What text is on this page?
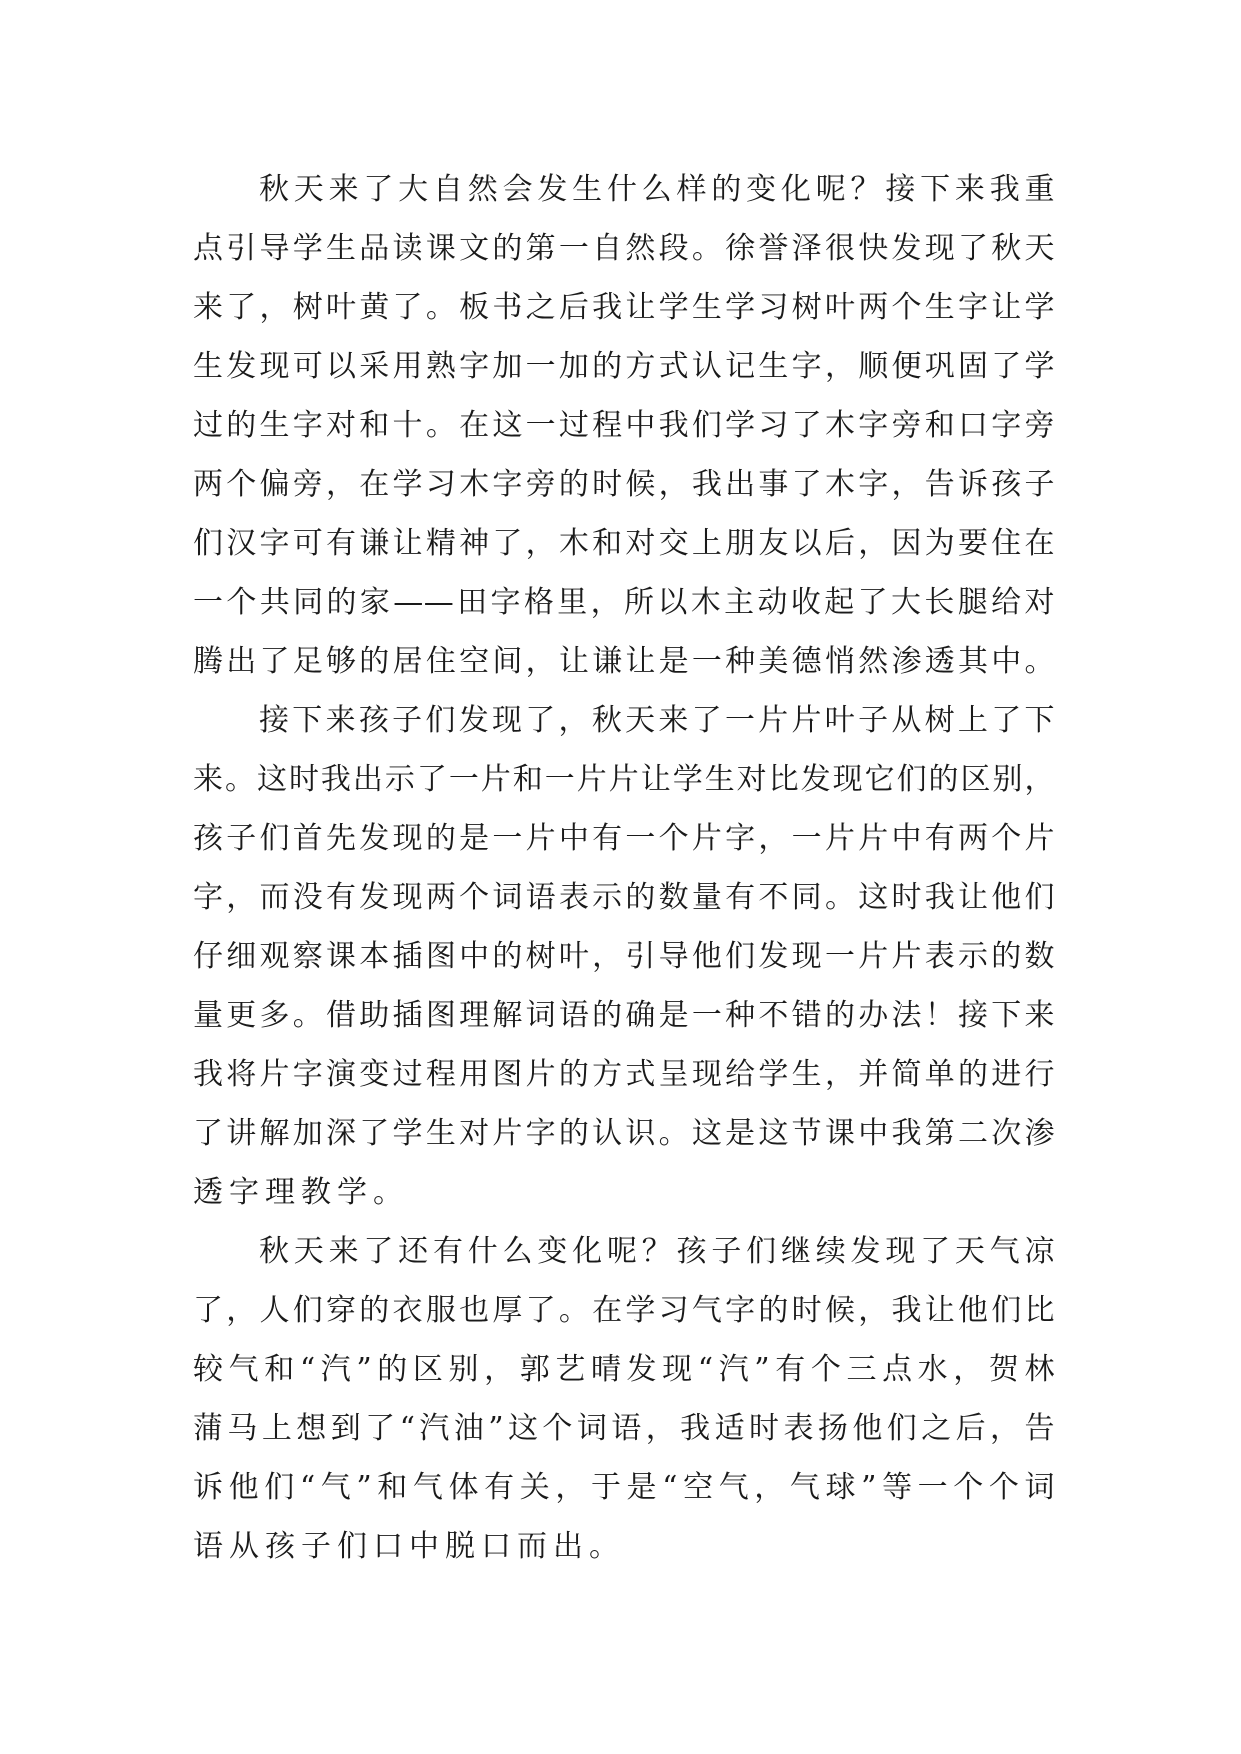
秋天来了大自然会发生什么样的变化呢？接下来我重
点引导学生品读课文的第一自然段。徐誉泽很快发现了秋天
来了，树叶黄了。板书之后我让学生学习树叶两个生字让学
生发现可以采用熟字加一加的方式认记生字，顺便巩固了学
过的生字对和十。在这一过程中我们学习了木字旁和口字旁
两个偏旁，在学习木字旁的时候，我出事了木字，告诉孩子
们汉字可有谦让精神了，木和对交上朋友以后，因为要住在
一个共同的家——田字格里，所以木主动收起了大长腿给对
腾出了足够的居住空间，让谦让是一种美德悄然渗透其中。
接下来孩子们发现了，秋天来了一片片叶子从树上了下
来。这时我出示了一片和一片片让学生对比发现它们的区别，
孩子们首先发现的是一片中有一个片字，一片片中有两个片
字，而没有发现两个词语表示的数量有不同。这时我让他们
仔细观察课本插图中的树叶，引导他们发现一片片表示的数
量更多。借助插图理解词语的确是一种不错的办法！接下来
我将片字演变过程用图片的方式呈现给学生，并简单的进行
了讲解加深了学生对片字的认识。这是这节课中我第二次渗
透字理教学。
秋天来了还有什么变化呢？孩子们继续发现了天气凉
了，人们穿的衣服也厚了。在学习气字的时候，我让他们比
较气和“汽”的区别，郭艺晴发现“汽”有个三点水，贺林
蒲马上想到了“汽油”这个词语，我适时表扬他们之后，告
诉他们“气”和气体有关，于是“空气，气球”等一个个词
语从孩子们口中脱口而出。
